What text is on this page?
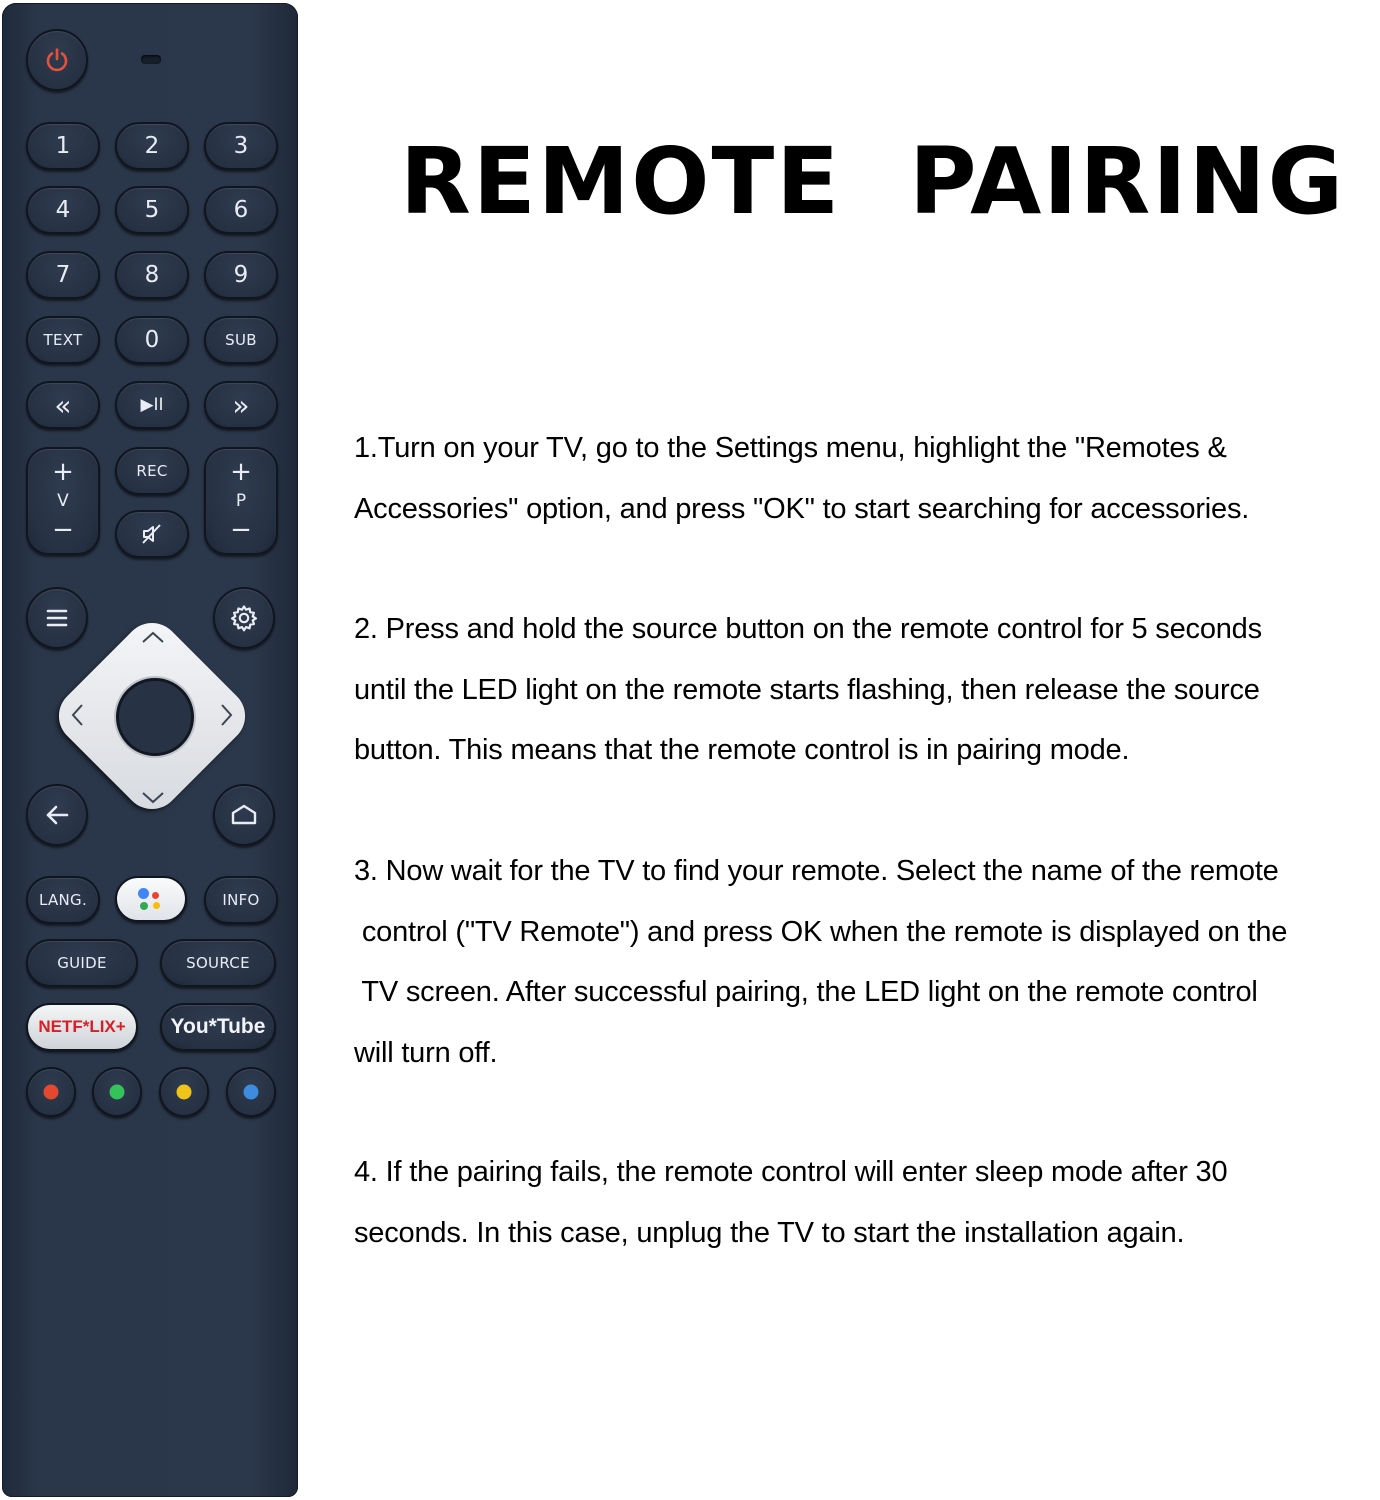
1	2	3
4	5	6
7	8	9
TEXT	0	SUB
«	▶II »
+
V
−
REC	+
P
−
LANG.	INFO
GUIDE	SOURCE
NETF*LIX+	You*Tube
REMOTE  PAIRING
1.Turn on your TV, go to the Settings menu, highlight the "Remotes &
Accessories" option, and press "OK" to start searching for accessories.
2. Press and hold the source button on the remote control for 5 seconds
until the LED light on the remote starts flashing, then release the source
button. This means that the remote control is in pairing mode.
3. Now wait for the TV to find your remote. Select the name of the remote
control ("TV Remote") and press OK when the remote is displayed on the
TV screen. After successful pairing, the LED light on the remote control
will turn off.
4. If the pairing fails, the remote control will enter sleep mode after 30
seconds. In this case, unplug the TV to start the installation again.
